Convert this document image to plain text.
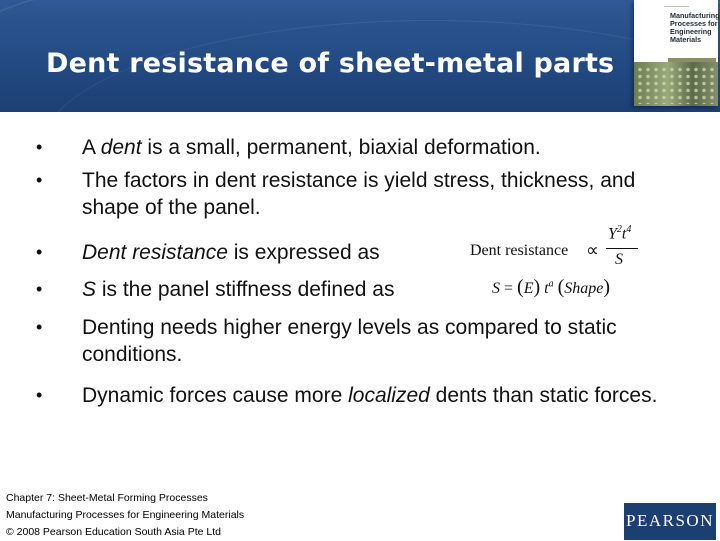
Dent resistance of sheet-metal parts
—————
Manufacturing
Processes for
Engineering
Materials
• A dent is a small, permanent, biaxial deformation.
• The factors in dent resistance is yield stress, thickness, and shape of the panel.
• Dent resistance is expressed as
• S is the panel stiffness defined as
• Denting needs higher energy levels as compared to static conditions.
• Dynamic forces cause more localized dents than static forces.
Dent resistance ∝
$Y^2t^4$
S
S = (E) $t^a$ (Shape)
Chapter 7: Sheet-Metal Forming Processes
Manufacturing Processes for Engineering Materials
© 2008 Pearson Education South Asia Pte Ltd
PEARSON
